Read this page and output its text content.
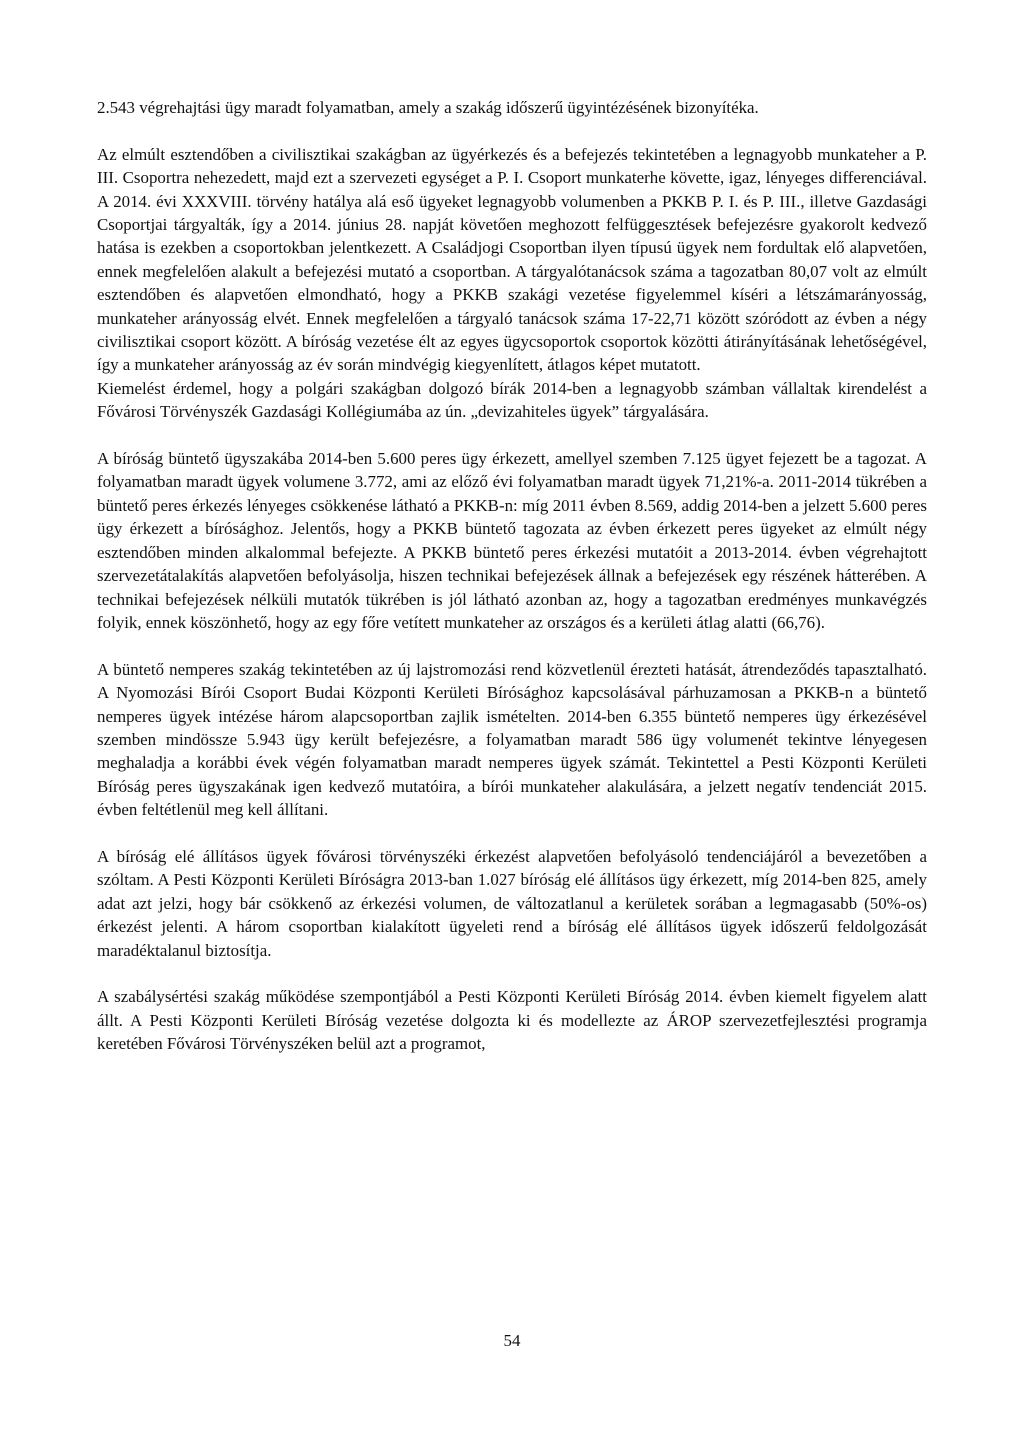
2.543 végrehajtási ügy maradt folyamatban, amely a szakág időszerű ügyintézésének bizonyítéka.

Az elmúlt esztendőben a civilisztikai szakágban az ügyérkezés és a befejezés tekintetében a legnagyobb munkateher a P. III. Csoportra nehezedett, majd ezt a szervezeti egységet a P. I. Csoport munkaterhe követte, igaz, lényeges differenciával. A 2014. évi XXXVIII. törvény hatálya alá eső ügyeket legnagyobb volumenben a PKKB P. I. és P. III., illetve Gazdasági Csoportjai tárgyalták, így a 2014. június 28. napját követően meghozott felfüggesztések befejezésre gyakorolt kedvező hatása is ezekben a csoportokban jelentkezett. A Családjogi Csoportban ilyen típusú ügyek nem fordultak elő alapvetően, ennek megfelelően alakult a befejezési mutató a csoportban. A tárgyalótanácsok száma a tagozatban 80,07 volt az elmúlt esztendőben és alapvetően elmondható, hogy a PKKB szakági vezetése figyelemmel kíséri a létszámarányosság, munkateher arányosság elvét. Ennek megfelelően a tárgyaló tanácsok száma 17-22,71 között szóródott az évben a négy civilisztikai csoport között. A bíróság vezetése élt az egyes ügycsoportok csoportok közötti átirányításának lehetőségével, így a munkateher arányosság az év során mindvégig kiegyenlített, átlagos képet mutatott.

Kiemelést érdemel, hogy a polgári szakágban dolgozó bírák 2014-ben a legnagyobb számban vállaltak kirendelést a Fővárosi Törvényszék Gazdasági Kollégiumába az ún. „devizahiteles ügyek” tárgyalására.

A bíróság büntető ügyszakába 2014-ben 5.600 peres ügy érkezett, amellyel szemben 7.125 ügyet fejezett be a tagozat. A folyamatban maradt ügyek volumene 3.772, ami az előző évi folyamatban maradt ügyek 71,21%-a. 2011-2014 tükrében a büntető peres érkezés lényeges csökkenése látható a PKKB-n: míg 2011 évben 8.569, addig 2014-ben a jelzett 5.600 peres ügy érkezett a bírósághoz. Jelentős, hogy a PKKB büntető tagozata az évben érkezett peres ügyeket az elmúlt négy esztendőben minden alkalommal befejezte. A PKKB büntető peres érkezési mutatóit a 2013-2014. évben végrehajtott szervezetátalakítás alapvetően befolyásolja, hiszen technikai befejezések állnak a befejezések egy részének hátterében. A technikai befejezések nélküli mutatók tükrében is jól látható azonban az, hogy a tagozatban eredményes munkavégzés folyik, ennek köszönhető, hogy az egy főre vetített munkateher az országos és a kerületi átlag alatti (66,76).

A büntető nemperes szakág tekintetében az új lajstromozási rend közvetlenül érezteti hatását, átrendeződés tapasztalható. A Nyomozási Bírói Csoport Budai Központi Kerületi Bírósághoz kapcsolásával párhuzamosan a PKKB-n a büntető nemperes ügyek intézése három alapcsoportban zajlik ismételten. 2014-ben 6.355 büntető nemperes ügy érkezésével szemben mindössze 5.943 ügy került befejezésre, a folyamatban maradt 586 ügy volumenét tekintve lényegesen meghaladja a korábbi évek végén folyamatban maradt nemperes ügyek számát. Tekintettel a Pesti Központi Kerületi Bíróság peres ügyszakának igen kedvező mutatóira, a bírói munkateher alakulására, a jelzett negatív tendenciát 2015. évben feltétlenül meg kell állítani.

A bíróság elé állításos ügyek fővárosi törvényszéki érkezést alapvetően befolyásoló tendenciájáról a bevezetőben a szóltam. A Pesti Központi Kerületi Bíróságra 2013-ban 1.027 bíróság elé állításos ügy érkezett, míg 2014-ben 825, amely adat azt jelzi, hogy bár csökkenő az érkezési volumen, de változatlanul a kerületek sorában a legmagasabb (50%-os) érkezést jelenti. A három csoportban kialakított ügyeleti rend a bíróság elé állításos ügyek időszerű feldolgozását maradéktalanul biztosítja.

A szabálysértési szakág működése szempontjából a Pesti Központi Kerületi Bíróság 2014. évben kiemelt figyelem alatt állt. A Pesti Központi Kerületi Bíróság vezetése dolgozta ki és modellezte az ÁROP szervezetfejlesztési programja keretében Fővárosi Törvényszéken belül azt a programot,

54
